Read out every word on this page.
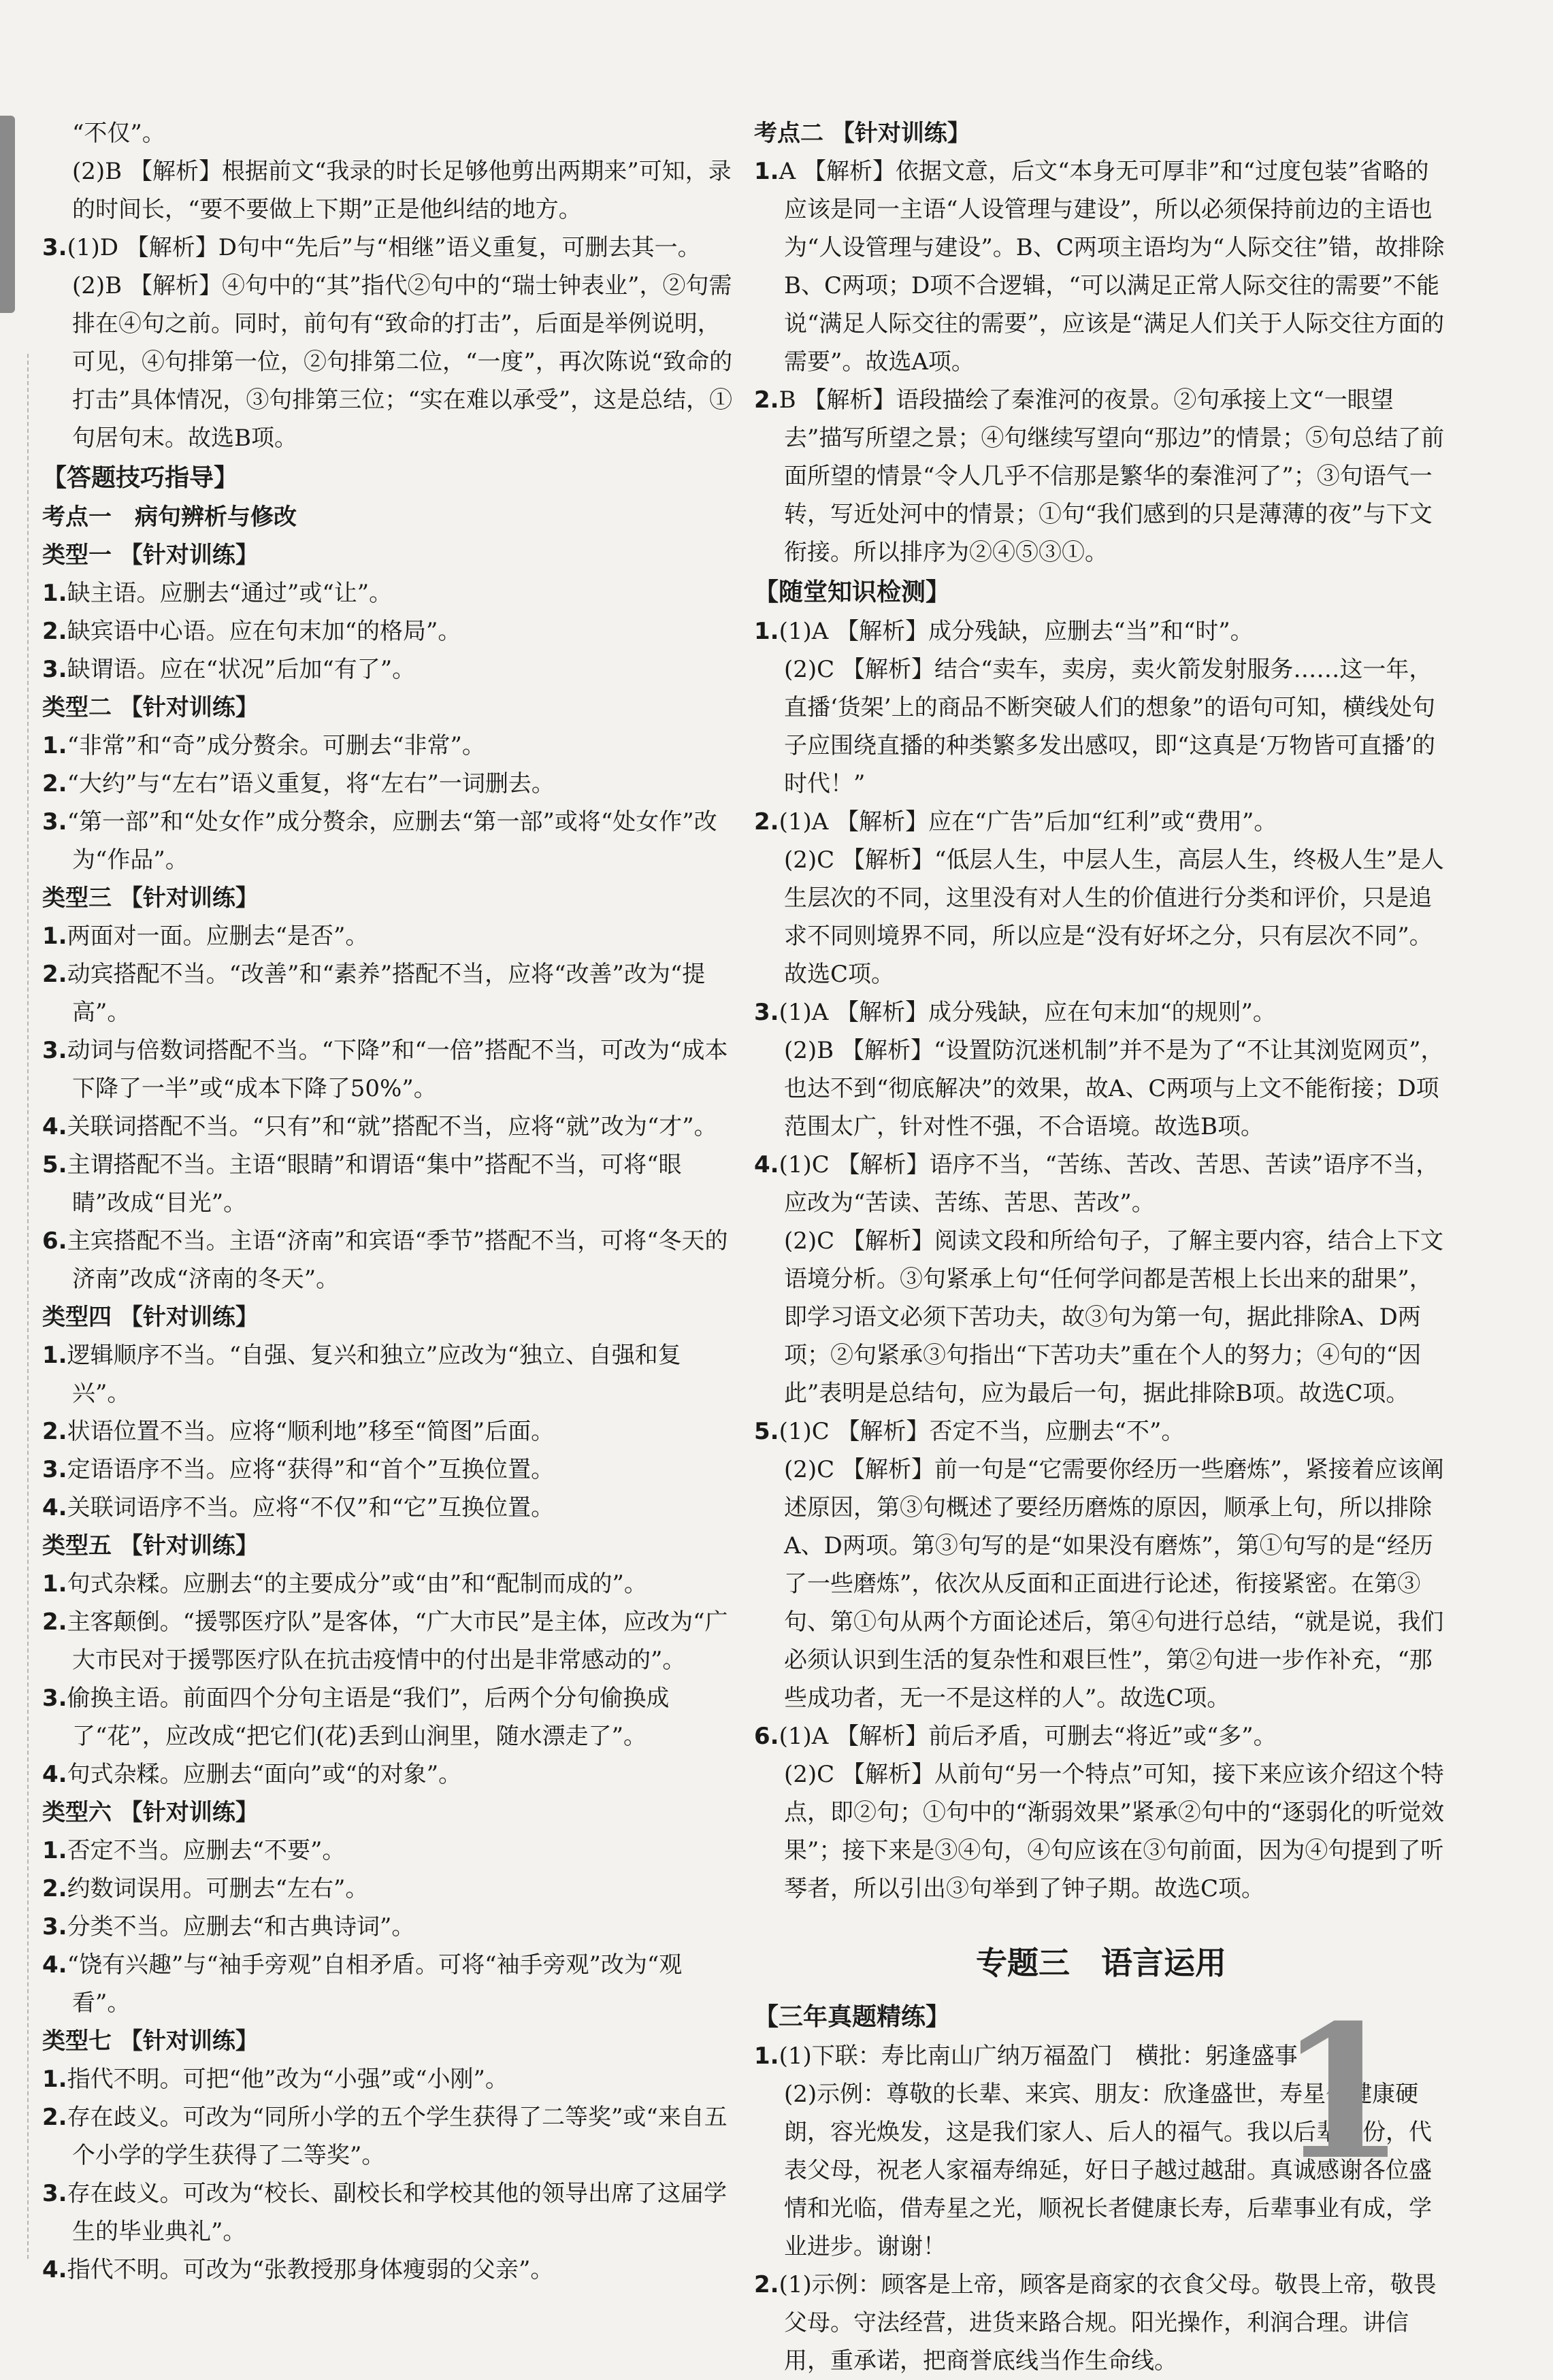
“不仅”。
(2)B 【解析】根据前文“我录的时长足够他剪出两期来”可知，录的时间长，“要不要做上下期”正是他纠结的地方。
3.(1)D 【解析】D句中“先后”与“相继”语义重复，可删去其一。
(2)B 【解析】④句中的“其”指代②句中的“瑞士钟表业”，②句需排在④句之前。同时，前句有“致命的打击”，后面是举例说明，可见，④句排第一位，②句排第二位，“一度”，再次陈说“致命的打击”具体情况，③句排第三位；“实在难以承受”，这是总结，①句居句末。故选B项。
【答题技巧指导】
考点一　病句辨析与修改
类型一 【针对训练】
1.缺主语。应删去“通过”或“让”。
2.缺宾语中心语。应在句末加“的格局”。
3.缺谓语。应在“状况”后加“有了”。
类型二 【针对训练】
1.“非常”和“奇”成分赘余。可删去“非常”。
2.“大约”与“左右”语义重复，将“左右”一词删去。
3.“第一部”和“处女作”成分赘余，应删去“第一部”或将“处女作”改为“作品”。
类型三 【针对训练】
1.两面对一面。应删去“是否”。
2.动宾搭配不当。“改善”和“素养”搭配不当，应将“改善”改为“提高”。
3.动词与倍数词搭配不当。“下降”和“一倍”搭配不当，可改为“成本下降了一半”或“成本下降了50%”。
4.关联词搭配不当。“只有”和“就”搭配不当，应将“就”改为“才”。
5.主谓搭配不当。主语“眼睛”和谓语“集中”搭配不当，可将“眼睛”改成“目光”。
6.主宾搭配不当。主语“济南”和宾语“季节”搭配不当，可将“冬天的济南”改成“济南的冬天”。
类型四 【针对训练】
1.逻辑顺序不当。“自强、复兴和独立”应改为“独立、自强和复兴”。
2.状语位置不当。应将“顺利地”移至“简图”后面。
3.定语语序不当。应将“获得”和“首个”互换位置。
4.关联词语序不当。应将“不仅”和“它”互换位置。
类型五 【针对训练】
1.句式杂糅。应删去“的主要成分”或“由”和“配制而成的”。
2.主客颠倒。“援鄂医疗队”是客体，“广大市民”是主体，应改为“广大市民对于援鄂医疗队在抗击疫情中的付出是非常感动的”。
3.偷换主语。前面四个分句主语是“我们”，后两个分句偷换成了“花”，应改成“把它们(花)丢到山涧里，随水漂走了”。
4.句式杂糅。应删去“面向”或“的对象”。
类型六 【针对训练】
1.否定不当。应删去“不要”。
2.约数词误用。可删去“左右”。
3.分类不当。应删去“和古典诗词”。
4.“饶有兴趣”与“袖手旁观”自相矛盾。可将“袖手旁观”改为“观看”。
类型七 【针对训练】
1.指代不明。可把“他”改为“小强”或“小刚”。
2.存在歧义。可改为“同所小学的五个学生获得了二等奖”或“来自五个小学的学生获得了二等奖”。
3.存在歧义。可改为“校长、副校长和学校其他的领导出席了这届学生的毕业典礼”。
4.指代不明。可改为“张教授那身体瘦弱的父亲”。
考点二 【针对训练】
1.A 【解析】依据文意，后文“本身无可厚非”和“过度包装”省略的应该是同一主语“人设管理与建设”，所以必须保持前边的主语也为“人设管理与建设”。B、C两项主语均为“人际交往”错，故排除B、C两项；D项不合逻辑，“可以满足正常人际交往的需要”不能说“满足人际交往的需要”，应该是“满足人们关于人际交往方面的需要”。故选A项。
2.B 【解析】语段描绘了秦淮河的夜景。②句承接上文“一眼望去”描写所望之景；④句继续写望向“那边”的情景；⑤句总结了前面所望的情景“令人几乎不信那是繁华的秦淮河了”；③句语气一转，写近处河中的情景；①句“我们感到的只是薄薄的夜”与下文衔接。所以排序为②④⑤③①。
【随堂知识检测】
1.(1)A 【解析】成分残缺，应删去“当”和“时”。
(2)C 【解析】结合“卖车，卖房，卖火箭发射服务……这一年，直播‘货架’上的商品不断突破人们的想象”的语句可知，横线处句子应围绕直播的种类繁多发出感叹，即“这真是‘万物皆可直播’的时代！”
2.(1)A 【解析】应在“广告”后加“红利”或“费用”。
(2)C 【解析】“低层人生，中层人生，高层人生，终极人生”是人生层次的不同，这里没有对人生的价值进行分类和评价，只是追求不同则境界不同，所以应是“没有好坏之分，只有层次不同”。故选C项。
3.(1)A 【解析】成分残缺，应在句末加“的规则”。
(2)B 【解析】“设置防沉迷机制”并不是为了“不让其浏览网页”，也达不到“彻底解决”的效果，故A、C两项与上文不能衔接；D项范围太广，针对性不强，不合语境。故选B项。
4.(1)C 【解析】语序不当，“苦练、苦改、苦思、苦读”语序不当，应改为“苦读、苦练、苦思、苦改”。
(2)C 【解析】阅读文段和所给句子，了解主要内容，结合上下文语境分析。③句紧承上句“任何学问都是苦根上长出来的甜果”，即学习语文必须下苦功夫，故③句为第一句，据此排除A、D两项；②句紧承③句指出“下苦功夫”重在个人的努力；④句的“因此”表明是总结句，应为最后一句，据此排除B项。故选C项。
5.(1)C 【解析】否定不当，应删去“不”。
(2)C 【解析】前一句是“它需要你经历一些磨炼”，紧接着应该阐述原因，第③句概述了要经历磨炼的原因，顺承上句，所以排除A、D两项。第③句写的是“如果没有磨炼”，第①句写的是“经历了一些磨炼”，依次从反面和正面进行论述，衔接紧密。在第③句、第①句从两个方面论述后，第④句进行总结，“就是说，我们必须认识到生活的复杂性和艰巨性”，第②句进一步作补充，“那些成功者，无一不是这样的人”。故选C项。
6.(1)A 【解析】前后矛盾，可删去“将近”或“多”。
(2)C 【解析】从前句“另一个特点”可知，接下来应该介绍这个特点，即②句；①句中的“渐弱效果”紧承②句中的“逐弱化的听觉效果”；接下来是③④句，④句应该在③句前面，因为④句提到了听琴者，所以引出③句举到了钟子期。故选C项。
专题三　语言运用
【三年真题精练】
1.(1)下联：寿比南山广纳万福盈门　横批：躬逢盛事
(2)示例：尊敬的长辈、来宾、朋友：欣逢盛世，寿星公健康硬朗，容光焕发，这是我们家人、后人的福气。我以后辈身份，代表父母，祝老人家福寿绵延，好日子越过越甜。真诚感谢各位盛情和光临，借寿星之光，顺祝长者健康长寿，后辈事业有成，学业进步。谢谢！
2.(1)示例：顾客是上帝，顾客是商家的衣食父母。敬畏上帝，敬畏父母。守法经营，进货来路合规。阳光操作，利润合理。讲信用，重承诺，把商誉底线当作生命线。
1
